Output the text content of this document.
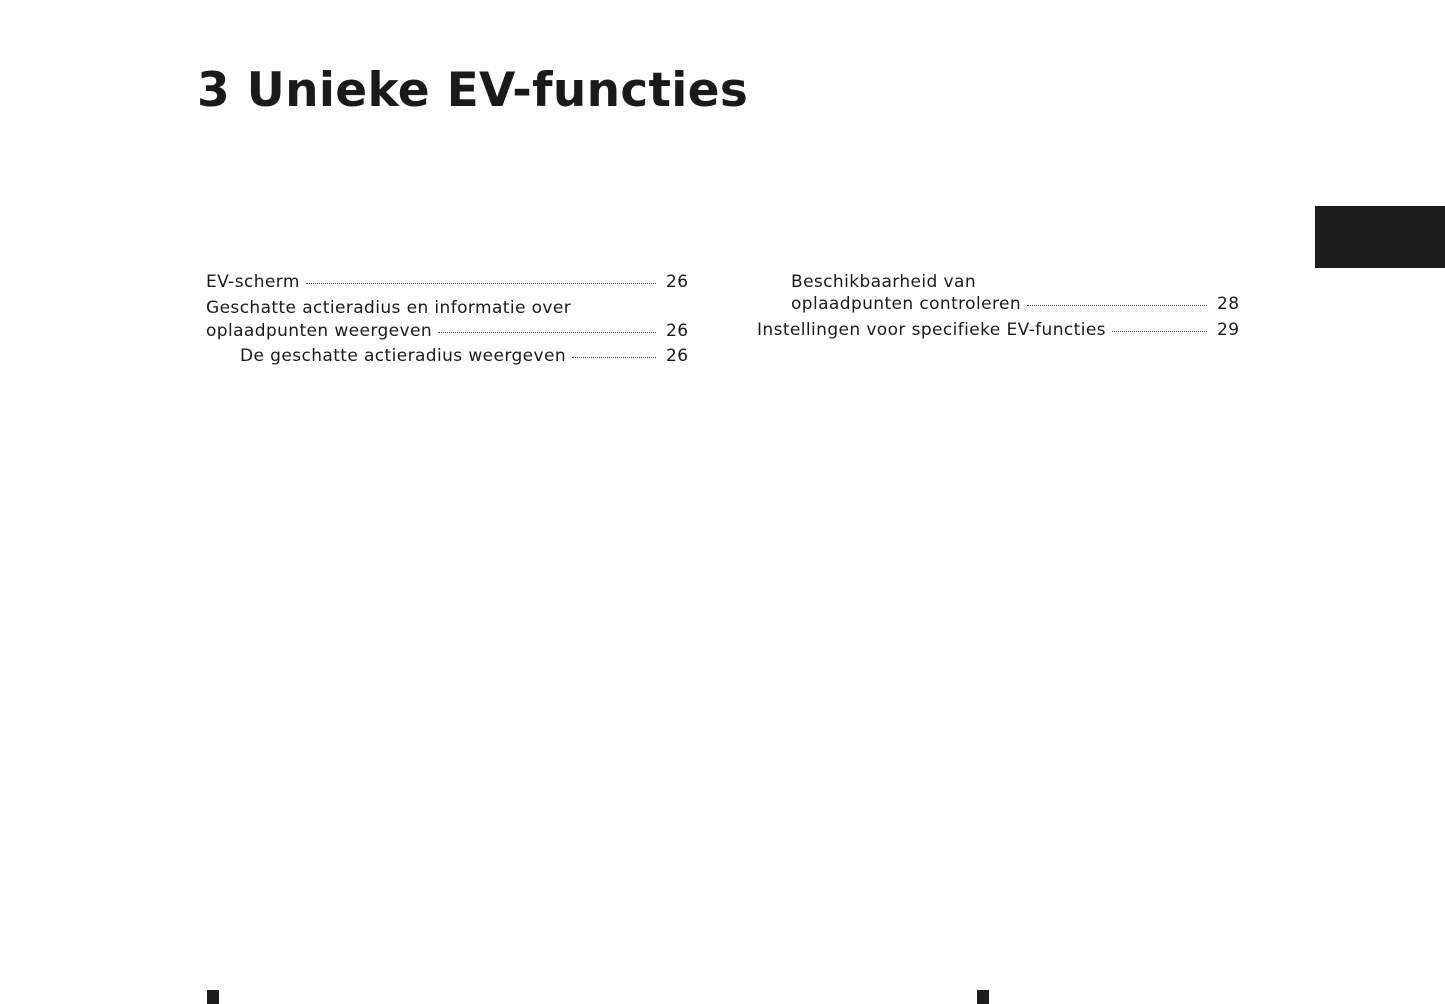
3 Unieke EV-functies
EV-scherm	26
Geschatte actieradius en informatie over
oplaadpunten weergeven	26
De geschatte actieradius weergeven	26
Beschikbaarheid van
oplaadpunten controleren	28
Instellingen voor specifieke EV-functies	29
